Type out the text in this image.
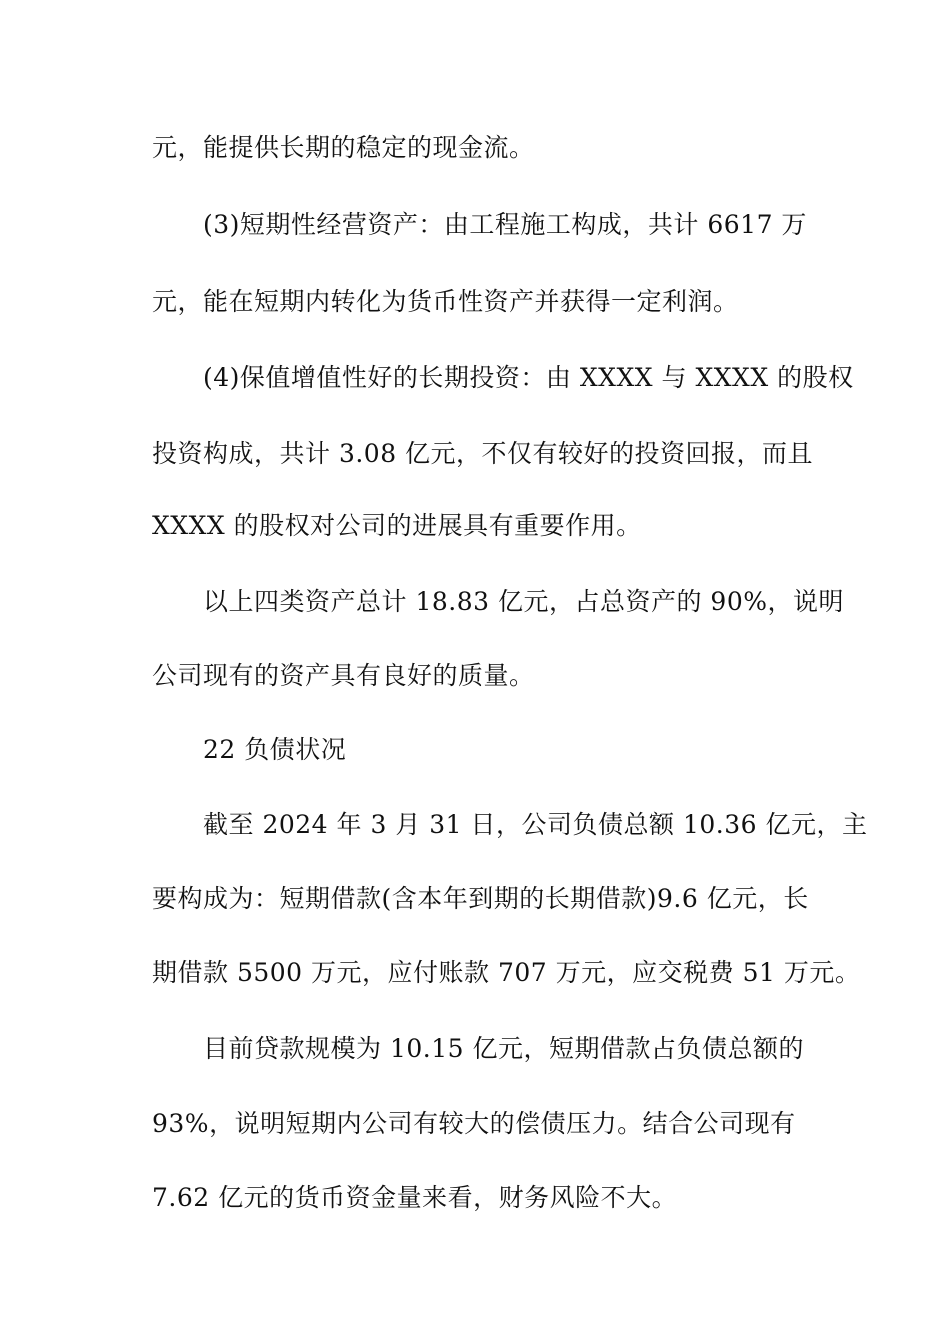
元，能提供长期的稳定的现金流。
(3)短期性经营资产：由工程施工构成，共计 6617 万
元，能在短期内转化为货币性资产并获得一定利润。
(4)保值增值性好的长期投资：由 XXXX 与 XXXX 的股权
投资构成，共计 3.08 亿元，不仅有较好的投资回报，而且
XXXX 的股权对公司的进展具有重要作用。
以上四类资产总计 18.83 亿元，占总资产的 90%，说明
公司现有的资产具有良好的质量。
22 负债状况
截至 2024 年 3 月 31 日，公司负债总额 10.36 亿元，主
要构成为：短期借款(含本年到期的长期借款)9.6 亿元，长
期借款 5500 万元，应付账款 707 万元，应交税费 51 万元。
目前贷款规模为 10.15 亿元，短期借款占负债总额的
93%，说明短期内公司有较大的偿债压力。结合公司现有
7.62 亿元的货币资金量来看，财务风险不大。
